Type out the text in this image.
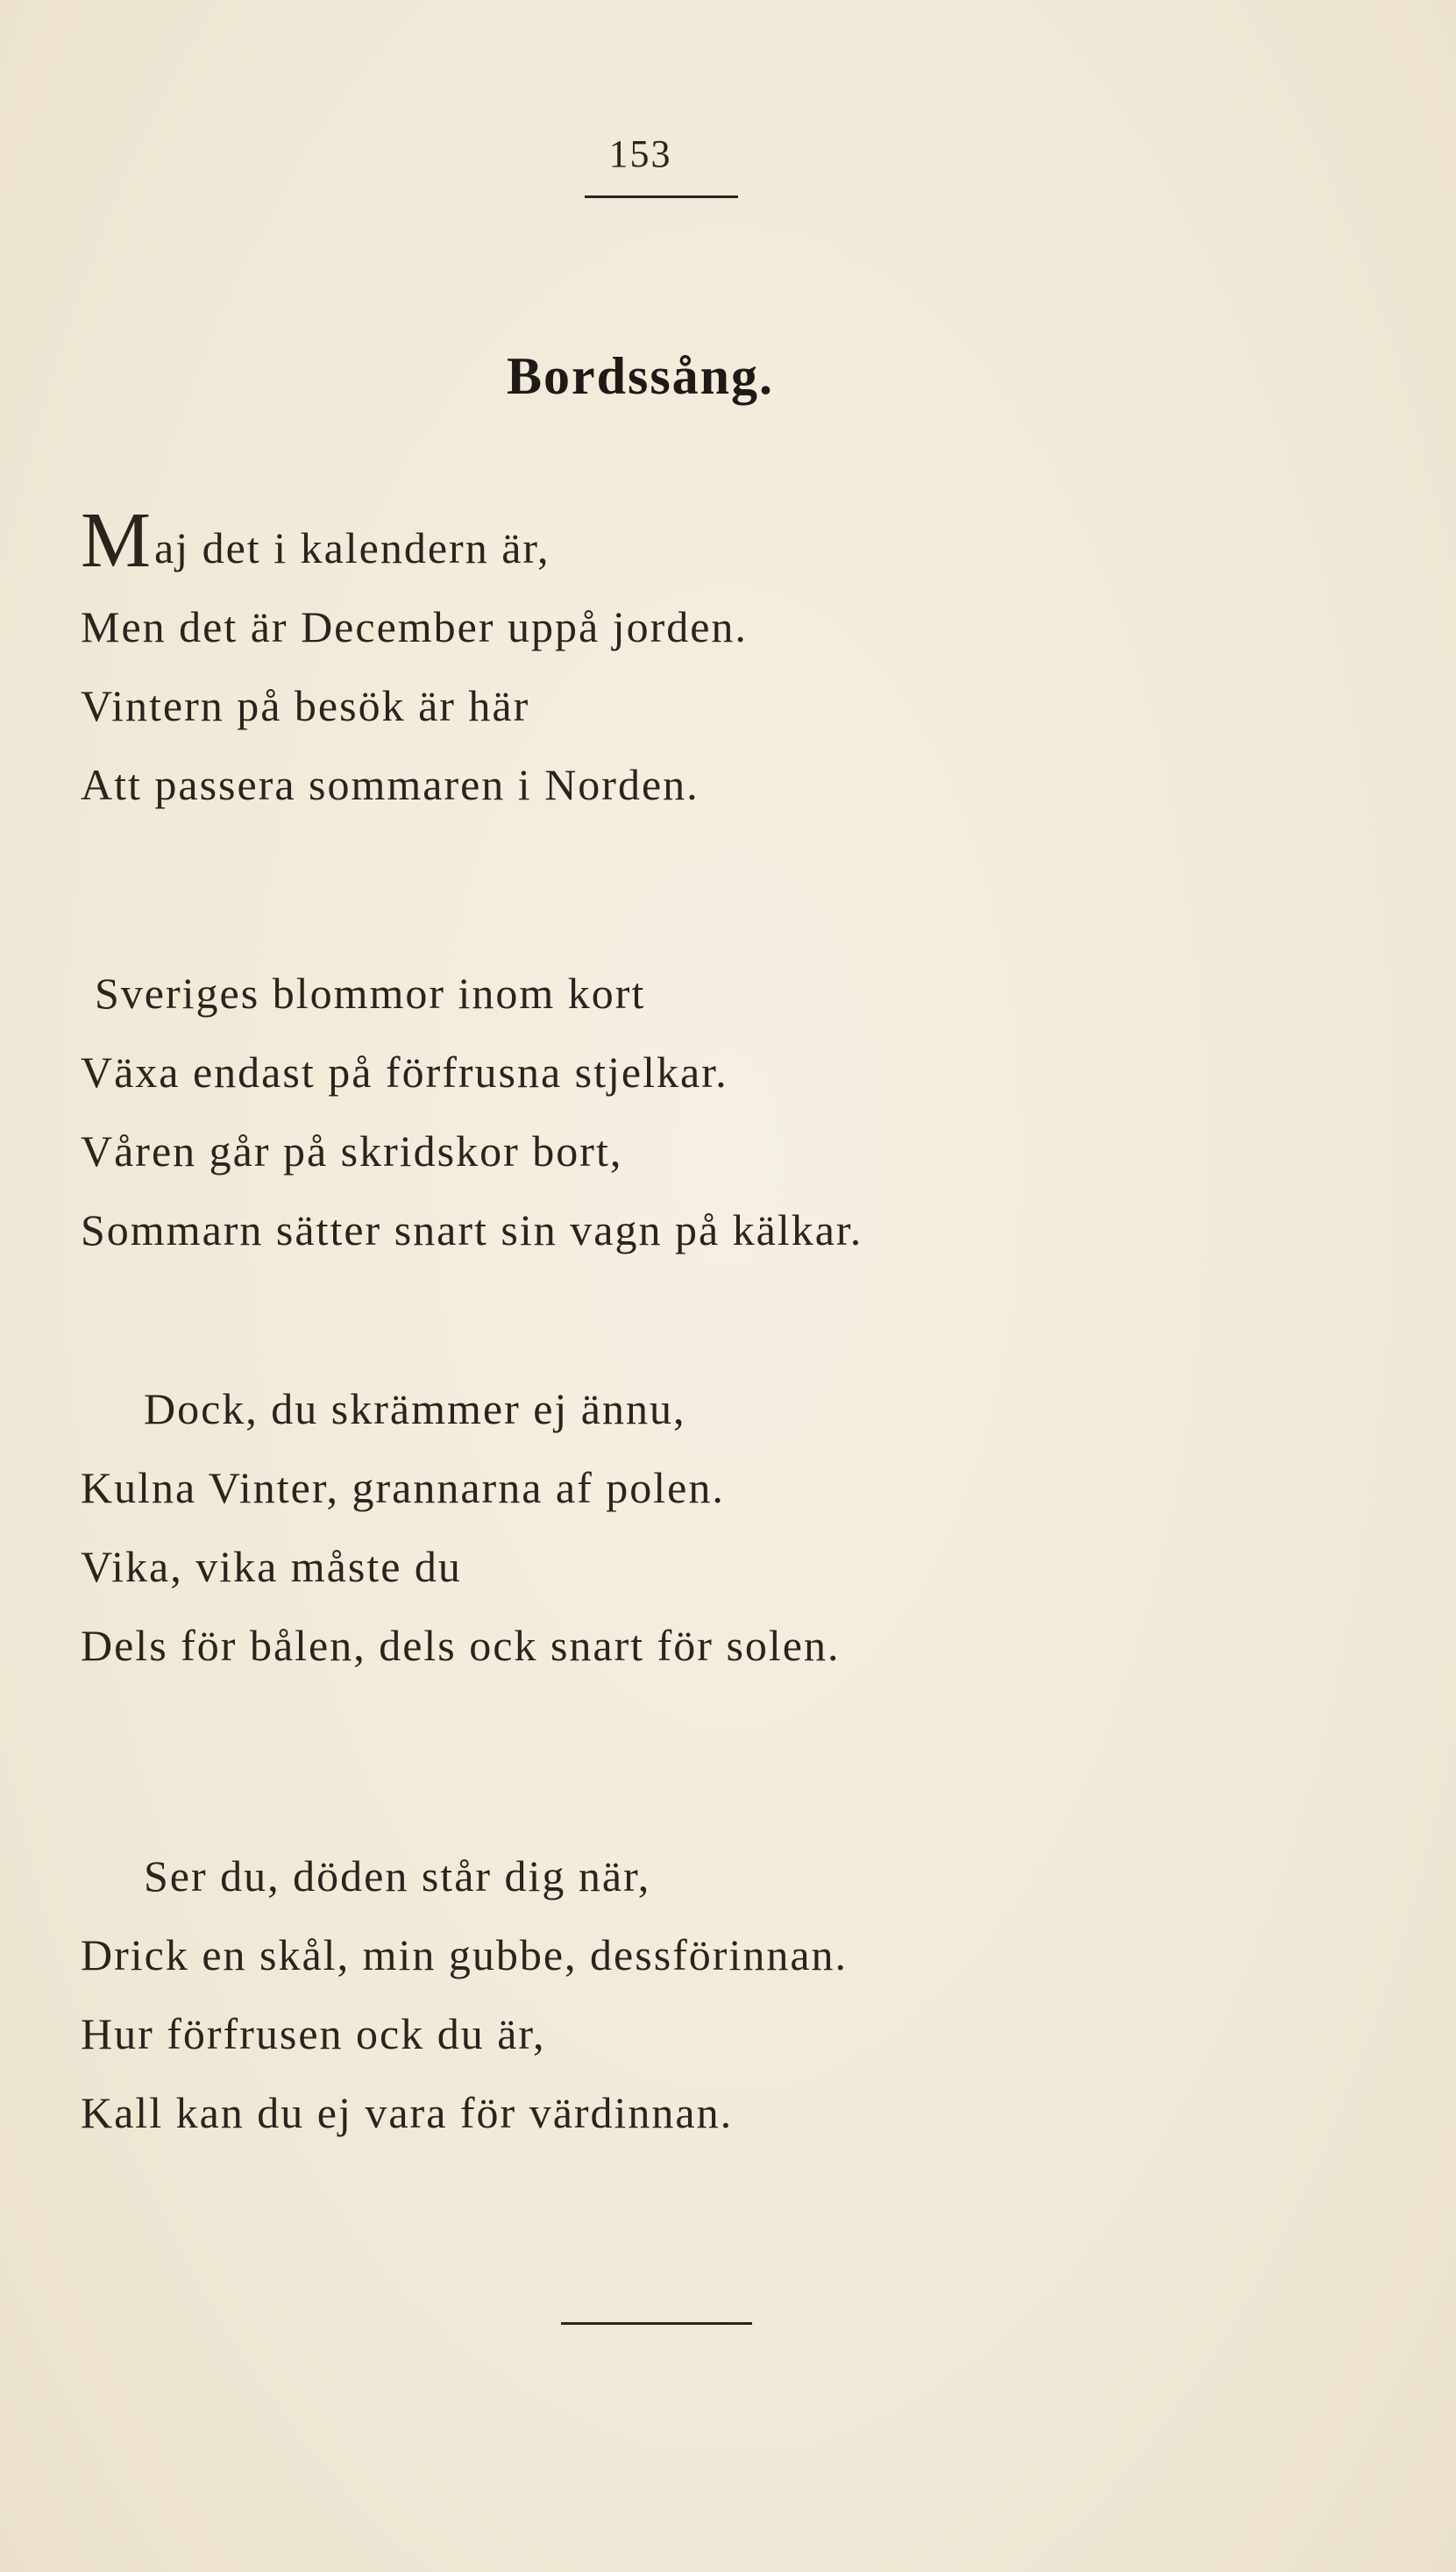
153
Bordssång.
Maj det i kalendern är,
Men det är December uppå jorden.
Vintern på besök är här
Att passera sommaren i Norden.
Sveriges blommor inom kort
Växa endast på förfrusna stjelkar.
Våren går på skridskor bort,
Sommarn sätter snart sin vagn på kälkar.
Dock, du skrämmer ej ännu,
Kulna Vinter, grannarna af polen.
Vika, vika måste du
Dels för bålen, dels ock snart för solen.
Ser du, döden står dig när,
Drick en skål, min gubbe, dessförinnan.
Hur förfrusen ock du är,
Kall kan du ej vara för värdinnan.
